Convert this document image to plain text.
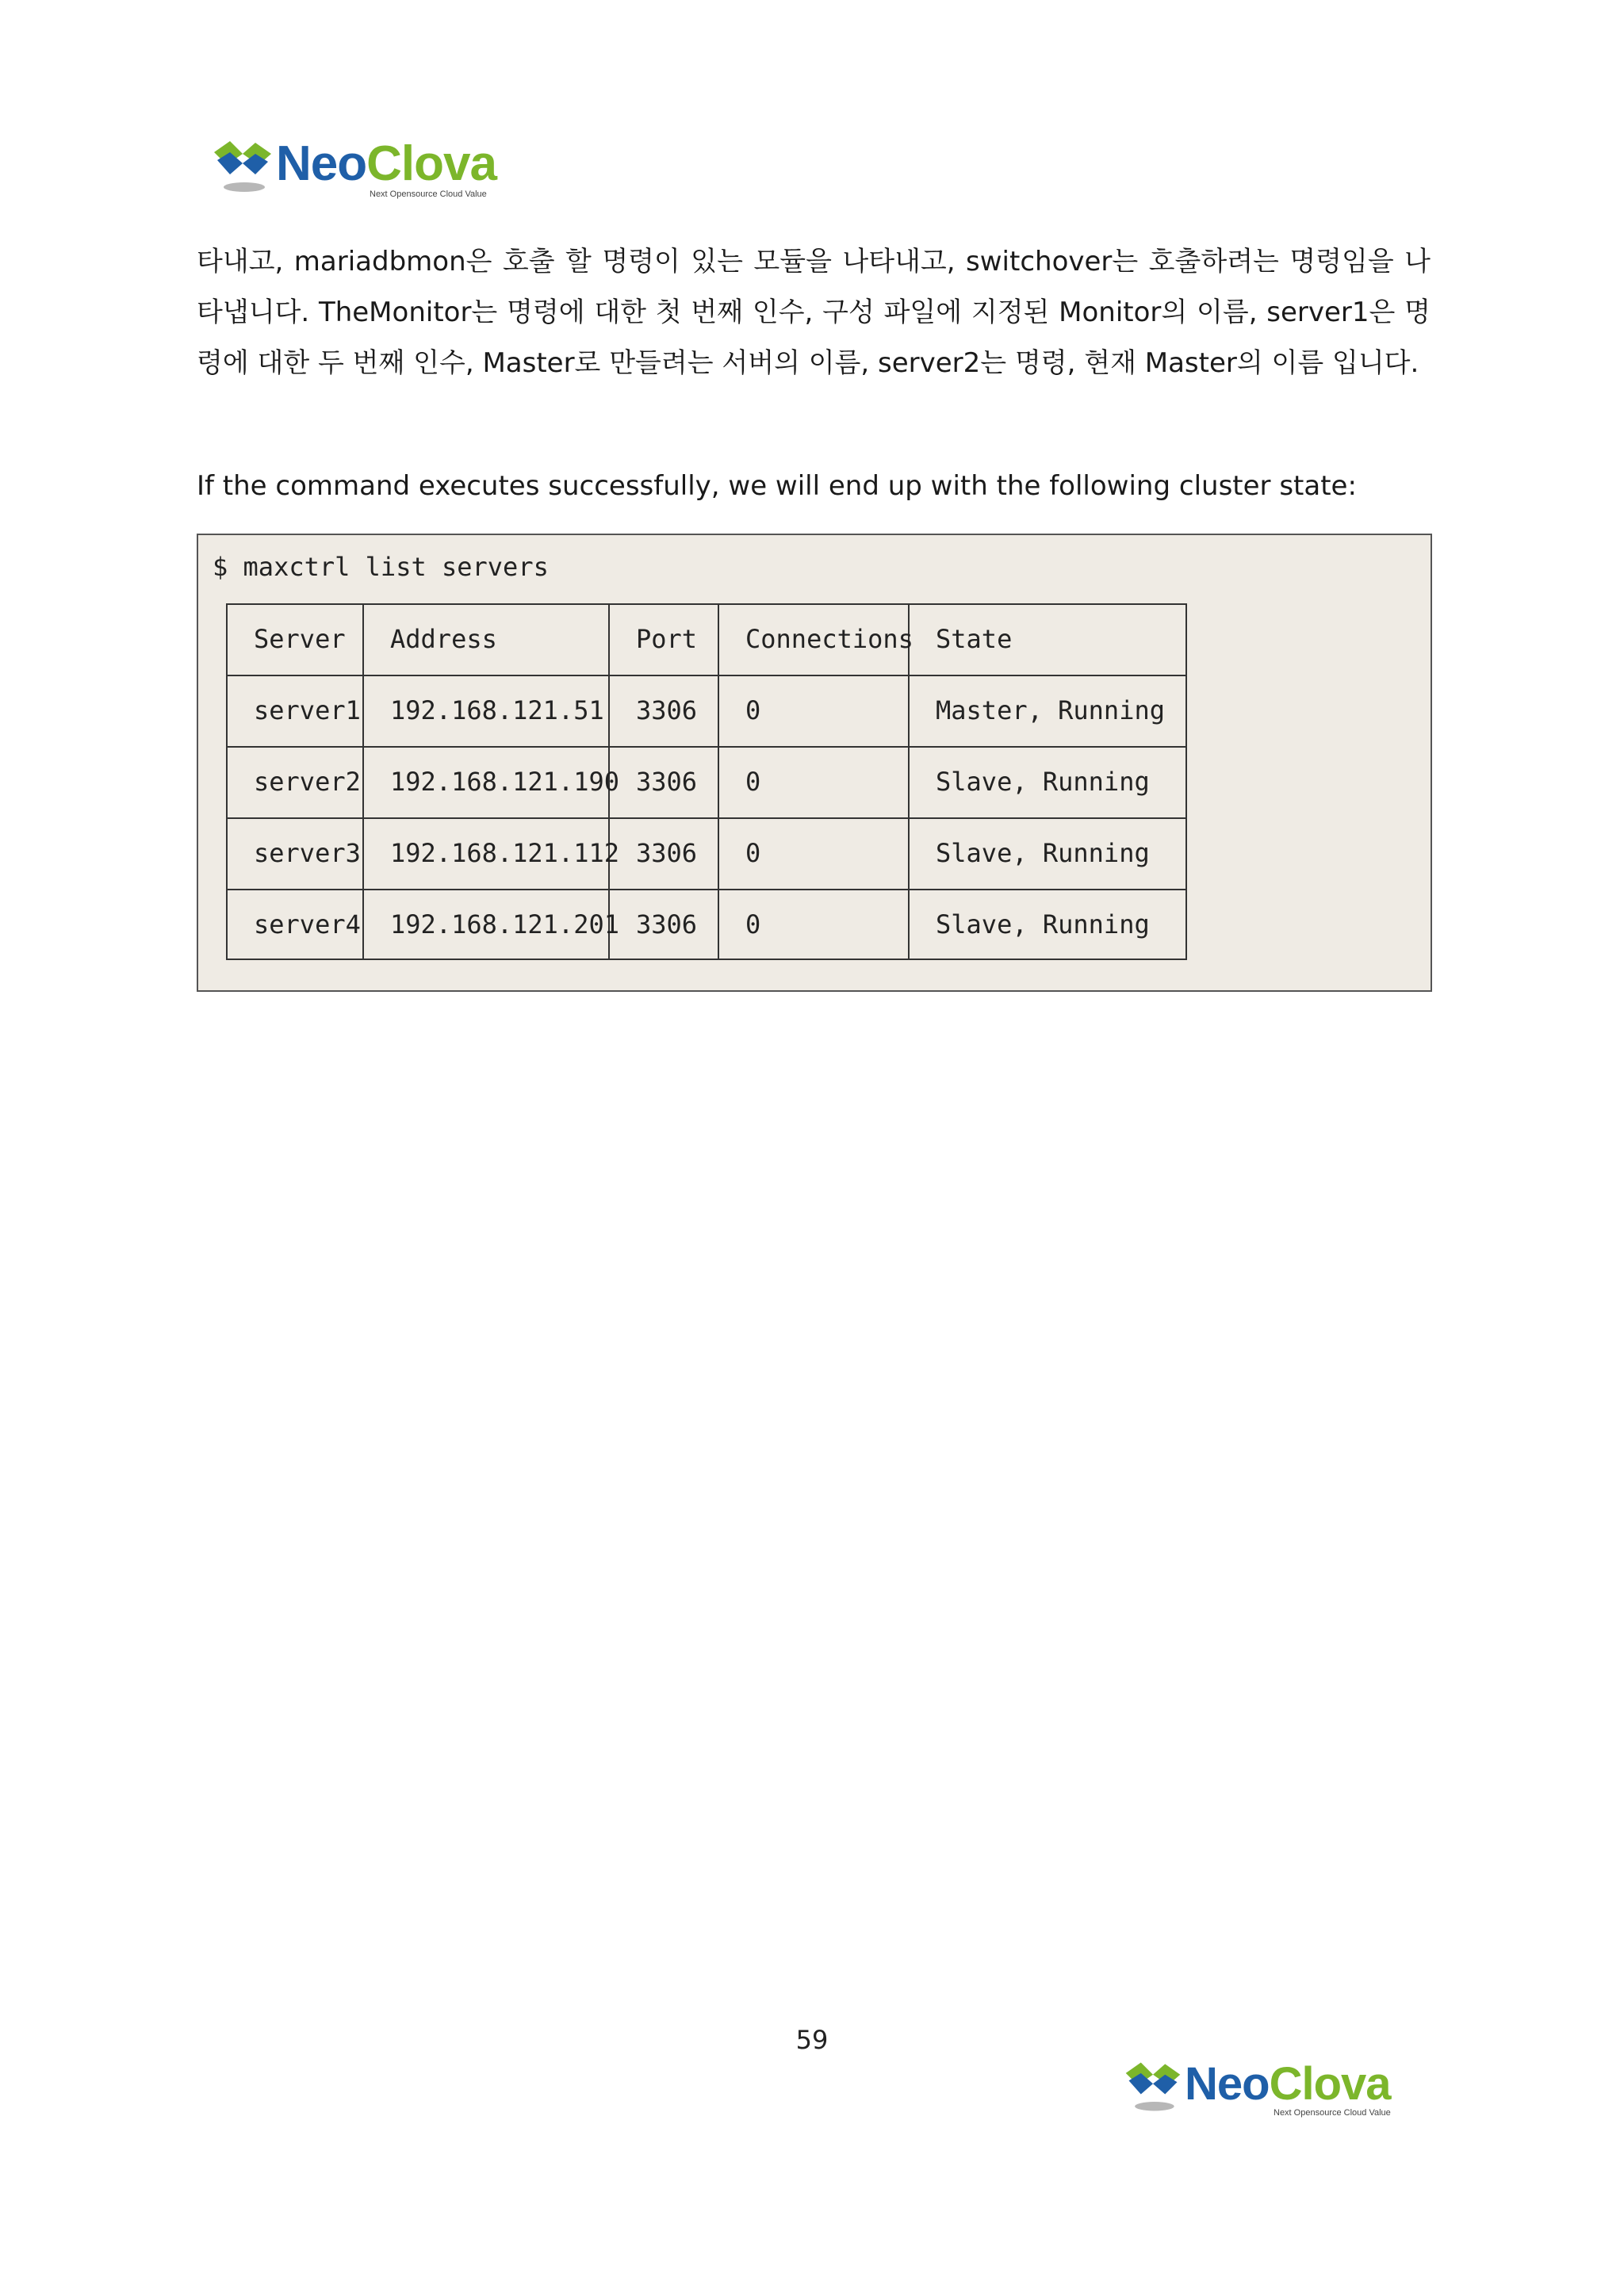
NeoClova
Next Opensource Cloud Value

타내고, mariadbmon은 호출 할 명령이 있는 모듈을 나타내고, switchover는 호출하려는 명령임을 나타냅니다. TheMonitor는 명령에 대한 첫 번째 인수, 구성 파일에 지정된 Monitor의 이름, server1은 명령에 대한 두 번째 인수, Master로 만들려는 서버의 이름, server2는 명령, 현재 Master의 이름 입니다.

If the command executes successfully, we will end up with the following cluster state:

$ maxctrl list servers
Server Address	Port Connections State
server1 192.168.121.51 3306 0	Master, Running
server2 192.168.121.190 3306 0	Slave, Running
server3 192.168.121.112 3306 0	Slave, Running
server4 192.168.121.201 3306 0	Slave, Running
59
NeoClova
Next Opensource Cloud Value
